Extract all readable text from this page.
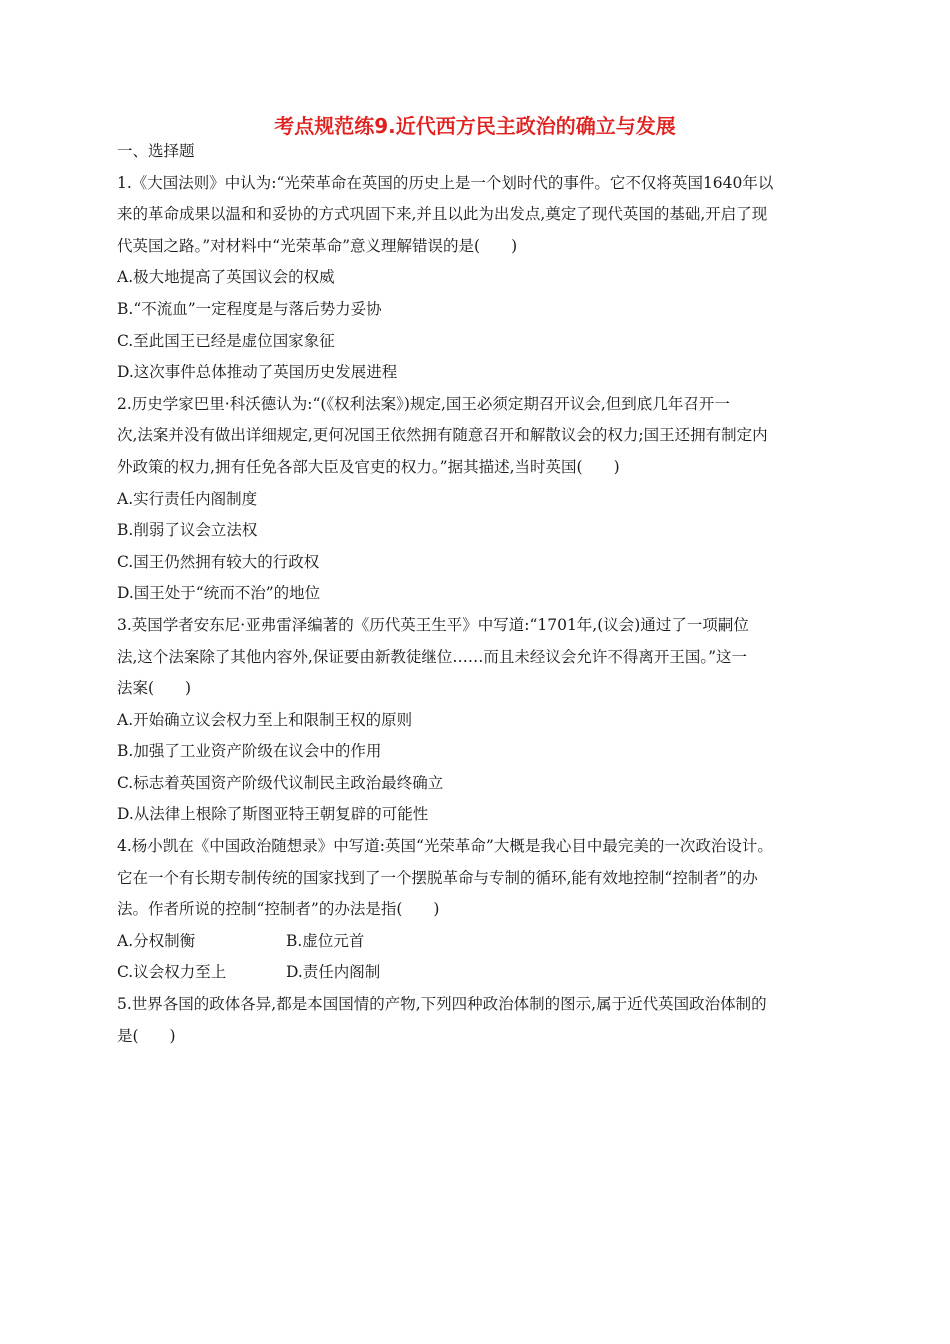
考点规范练9.近代西方民主政治的确立与发展
一、选择题
1.《大国法则》中认为:“光荣革命在英国的历史上是一个划时代的事件。它不仅将英国1640年以
来的革命成果以温和和妥协的方式巩固下来,并且以此为出发点,奠定了现代英国的基础,开启了现
代英国之路。”对材料中“光荣革命”意义理解错误的是(　　)
A.极大地提高了英国议会的权威
B.“不流血”一定程度是与落后势力妥协
C.至此国王已经是虚位国家象征
D.这次事件总体推动了英国历史发展进程
2.历史学家巴里·科沃德认为:“(《权利法案》)规定,国王必须定期召开议会,但到底几年召开一
次,法案并没有做出详细规定,更何况国王依然拥有随意召开和解散议会的权力;国王还拥有制定内
外政策的权力,拥有任免各部大臣及官吏的权力。”据其描述,当时英国(　　)
A.实行责任内阁制度
B.削弱了议会立法权
C.国王仍然拥有较大的行政权
D.国王处于“统而不治”的地位
3.英国学者安东尼·亚弗雷泽编著的《历代英王生平》中写道:“1701年,(议会)通过了一项嗣位
法,这个法案除了其他内容外,保证要由新教徒继位……而且未经议会允许不得离开王国。”这一
法案(　　)
A.开始确立议会权力至上和限制王权的原则
B.加强了工业资产阶级在议会中的作用
C.标志着英国资产阶级代议制民主政治最终确立
D.从法律上根除了斯图亚特王朝复辟的可能性
4.杨小凯在《中国政治随想录》中写道:英国“光荣革命”大概是我心目中最完美的一次政治设计。
它在一个有长期专制传统的国家找到了一个摆脱革命与专制的循环,能有效地控制“控制者”的办
法。作者所说的控制“控制者”的办法是指(　　)
A.分权制衡	B.虚位元首
C.议会权力至上	D.责任内阁制
5.世界各国的政体各异,都是本国国情的产物,下列四种政治体制的图示,属于近代英国政治体制的
是(　　)
